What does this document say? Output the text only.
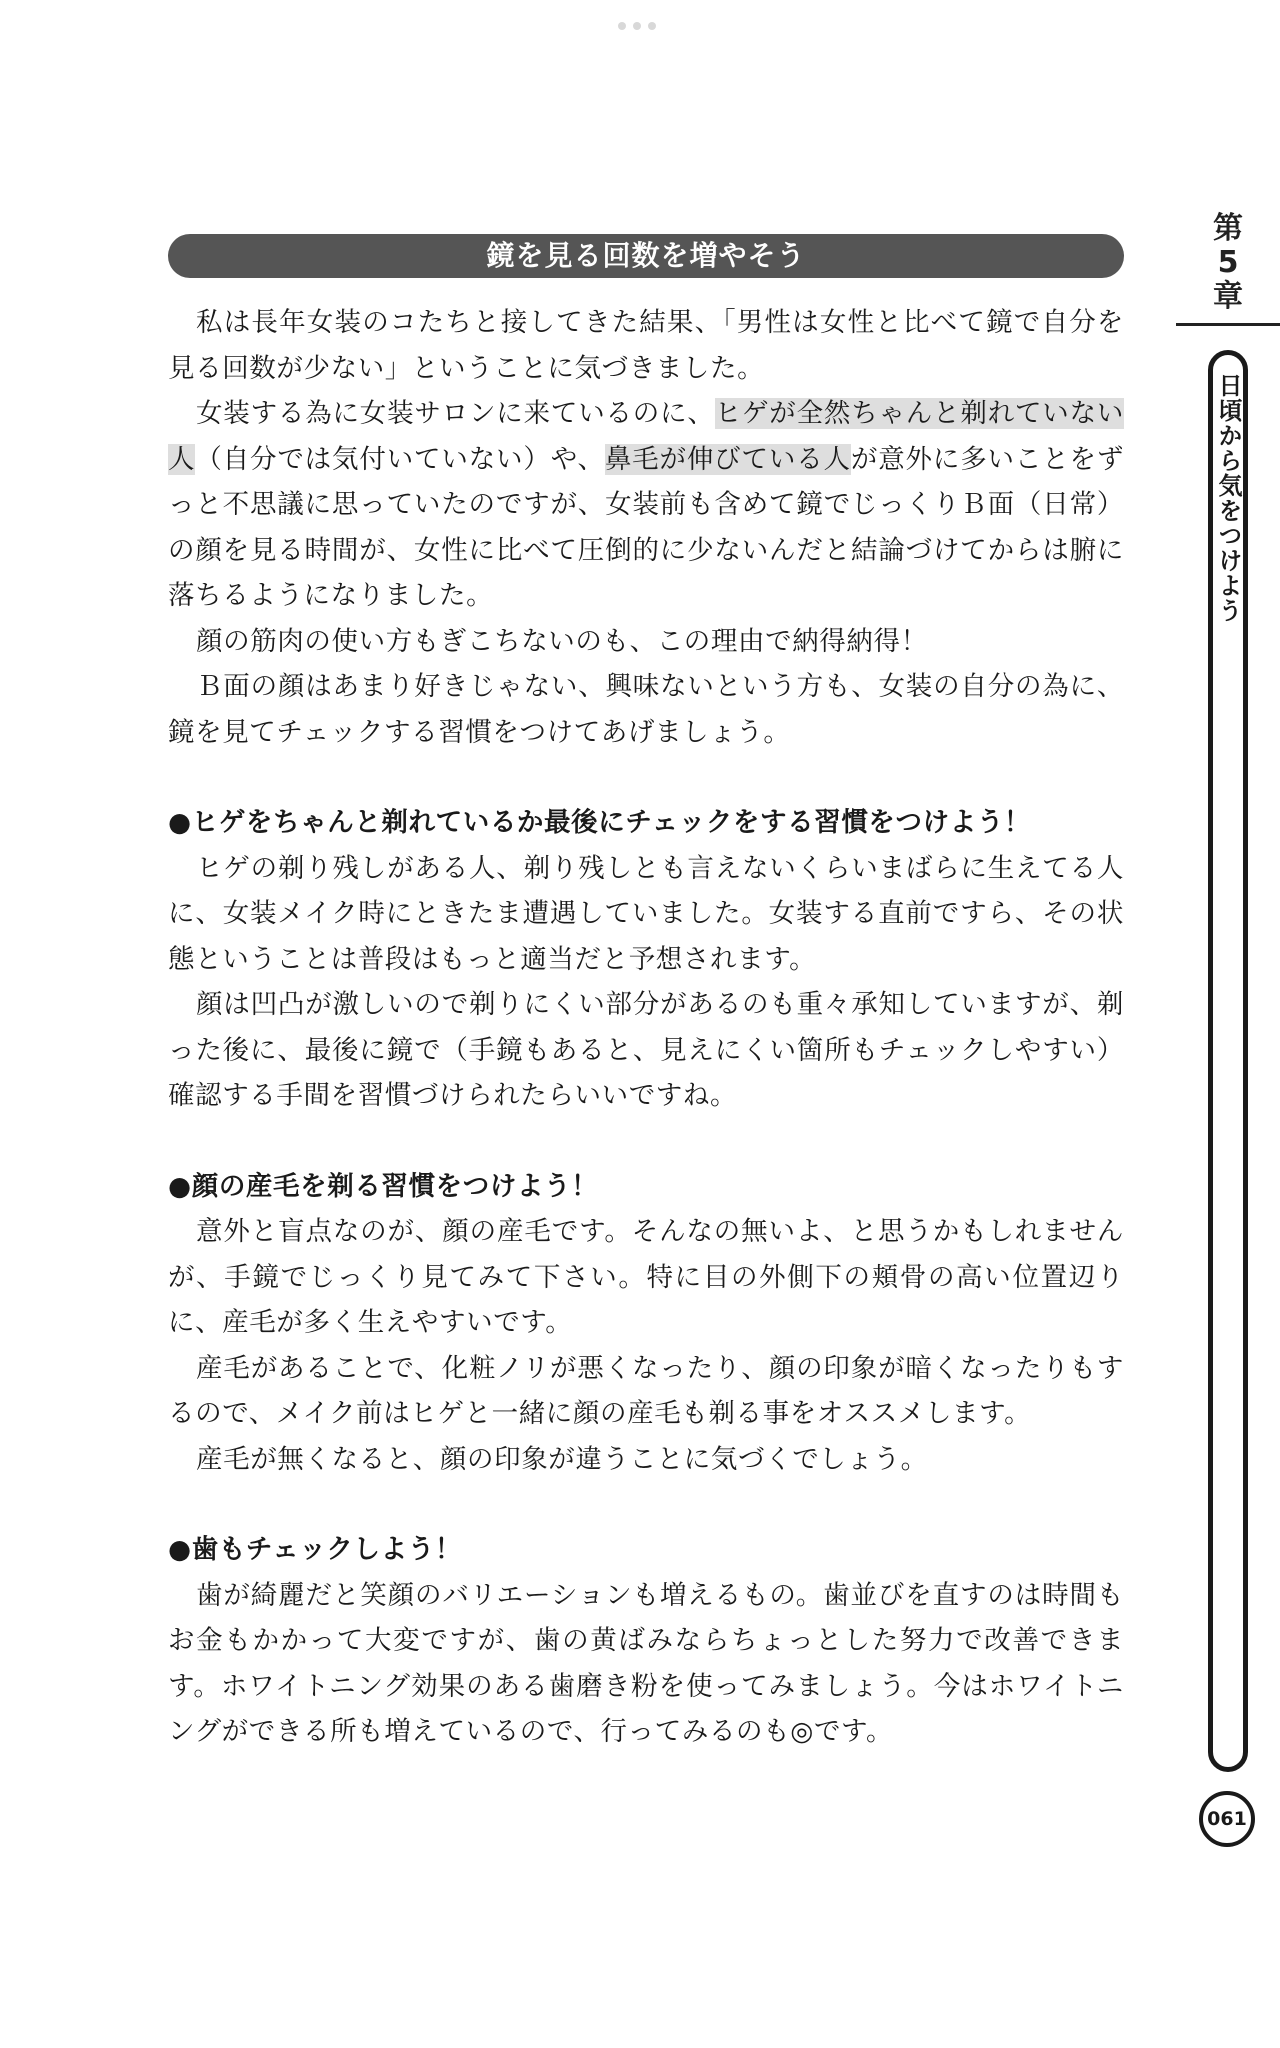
鏡を見る回数を増やそう

私は長年女装のコたちと接してきた結果、「男性は女性と比べて鏡で自分を見る回数が少ない」ということに気づきました。

女装する為に女装サロンに来ているのに、ヒゲが全然ちゃんと剃れていない人（自分では気付いていない）や、鼻毛が伸びている人が意外に多いことをずっと不思議に思っていたのですが、女装前も含めて鏡でじっくりＢ面（日常）の顔を見る時間が、女性に比べて圧倒的に少ないんだと結論づけてからは腑に落ちるようになりました。

顔の筋肉の使い方もぎこちないのも、この理由で納得納得！

Ｂ面の顔はあまり好きじゃない、興味ないという方も、女装の自分の為に、鏡を見てチェックする習慣をつけてあげましょう。

●ヒゲをちゃんと剃れているか最後にチェックをする習慣をつけよう！

ヒゲの剃り残しがある人、剃り残しとも言えないくらいまばらに生えてる人に、女装メイク時にときたま遭遇していました。女装する直前ですら、その状態ということは普段はもっと適当だと予想されます。

顔は凹凸が激しいので剃りにくい部分があるのも重々承知していますが、剃った後に、最後に鏡で（手鏡もあると、見えにくい箇所もチェックしやすい）確認する手間を習慣づけられたらいいですね。

●顔の産毛を剃る習慣をつけよう！

意外と盲点なのが、顔の産毛です。そんなの無いよ、と思うかもしれませんが、手鏡でじっくり見てみて下さい。特に目の外側下の頬骨の高い位置辺りに、産毛が多く生えやすいです。

産毛があることで、化粧ノリが悪くなったり、顔の印象が暗くなったりもするので、メイク前はヒゲと一緒に顔の産毛も剃る事をオススメします。

産毛が無くなると、顔の印象が違うことに気づくでしょう。

●歯もチェックしよう！

歯が綺麗だと笑顔のバリエーションも増えるもの。歯並びを直すのは時間もお金もかかって大変ですが、歯の黄ばみならちょっとした努力で改善できます。ホワイトニング効果のある歯磨き粉を使ってみましょう。今はホワイトニングができる所も増えているので、行ってみるのも◎です。

第
5
章
日頃から気をつけよう
061
